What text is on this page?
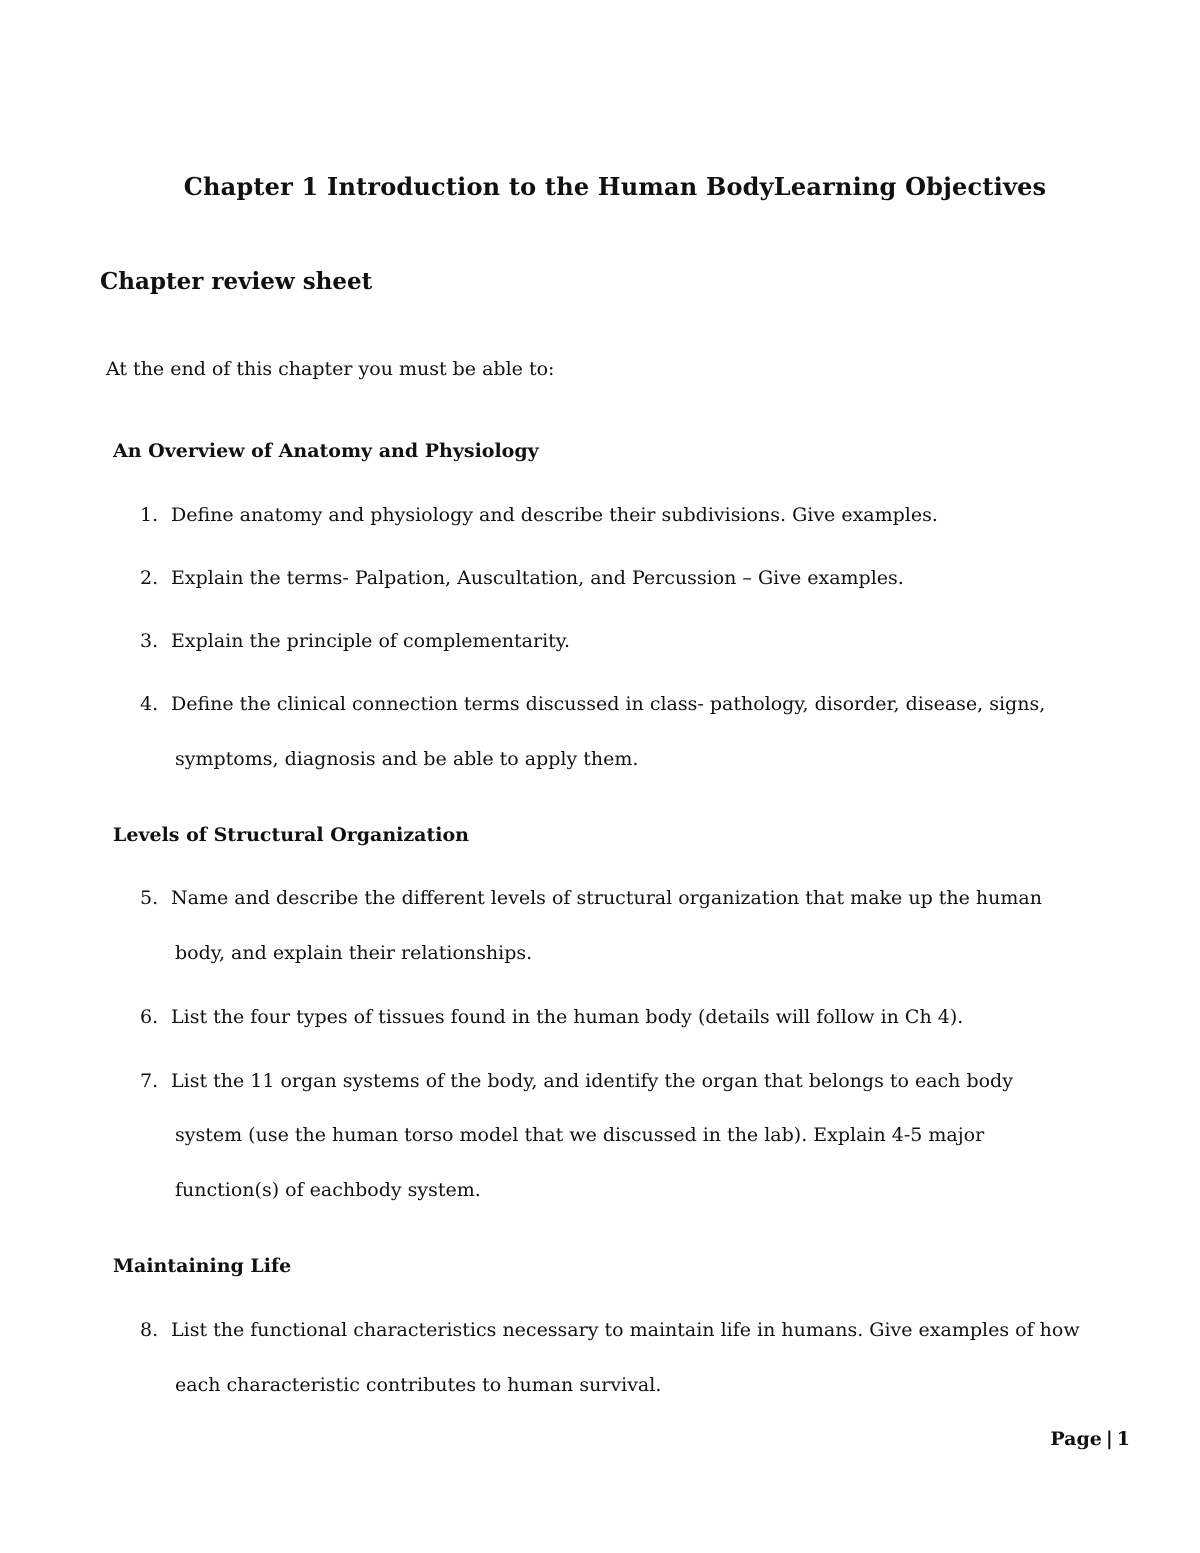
Chapter 1 Introduction to the Human BodyLearning Objectives
Chapter review sheet
At the end of this chapter you must be able to:
An Overview of Anatomy and Physiology
1. Define anatomy and physiology and describe their subdivisions. Give examples.
2. Explain the terms- Palpation, Auscultation, and Percussion – Give examples.
3. Explain the principle of complementarity.
4. Define the clinical connection terms discussed in class- pathology, disorder, disease, signs,
symptoms, diagnosis and be able to apply them.
Levels of Structural Organization
5. Name and describe the different levels of structural organization that make up the human
body, and explain their relationships.
6. List the four types of tissues found in the human body (details will follow in Ch 4).
7. List the 11 organ systems of the body, and identify the organ that belongs to each body
system (use the human torso model that we discussed in the lab). Explain 4-5 major
function(s) of eachbody system.
Maintaining Life
8. List the functional characteristics necessary to maintain life in humans. Give examples of how
each characteristic contributes to human survival.
Page | 1
